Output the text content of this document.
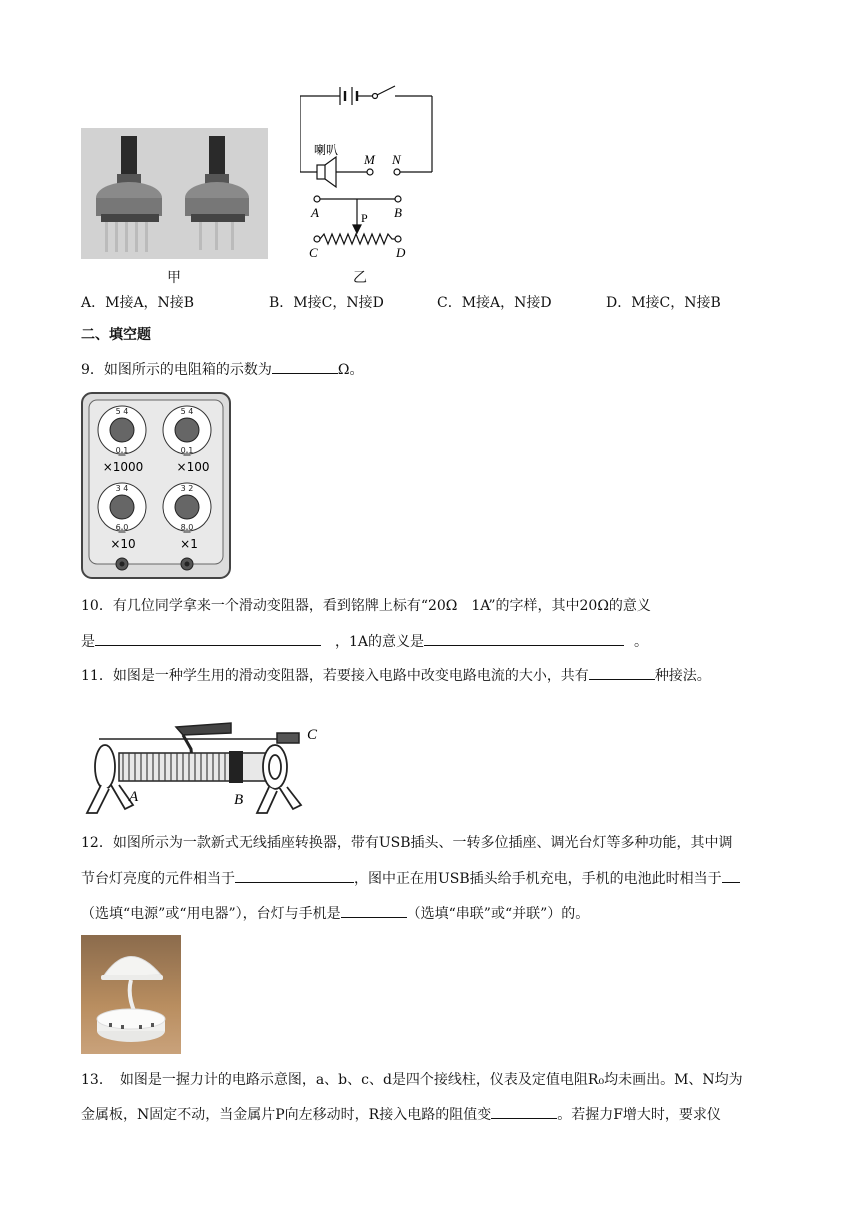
甲
喇叭
M N
A	B
P
C	D
乙
A．M接A，N接B	B．M接C，N接D	C．M接A，N接D	D．M接C，N接B
二、填空题
9．如图所示的电阻箱的示数为	Ω。
5 4
0 1
5 4
0 1
3 4
6 0
3 2
8 0
×1000	×100
×10	×1
10．有几位同学拿来一个滑动变阻器，看到铭牌上标有“20Ω　1A”的字样，其中20Ω的意义
是	，1A的意义是	。
11．如图是一种学生用的滑动变阻器，若要接入电路中改变电路电流的大小，共有	种接法。
A	B
C
12．如图所示为一款新式无线插座转换器，带有USB插头、一转多位插座、调光台灯等多种功能，其中调
节台灯亮度的元件相当于	，图中正在用USB插头给手机充电，手机的电池此时相当于
（选填“电源”或“用电器”），台灯与手机是	（选填“串联”或“并联”）的。
13．　如图是一握力计的电路示意图，a、b、c、d是四个接线柱，仪表及定值电阻R₀均未画出。M、N均为
金属板，N固定不动，当金属片P向左移动时，R接入电路的阻值变	。若握力F增大时，要求仪
